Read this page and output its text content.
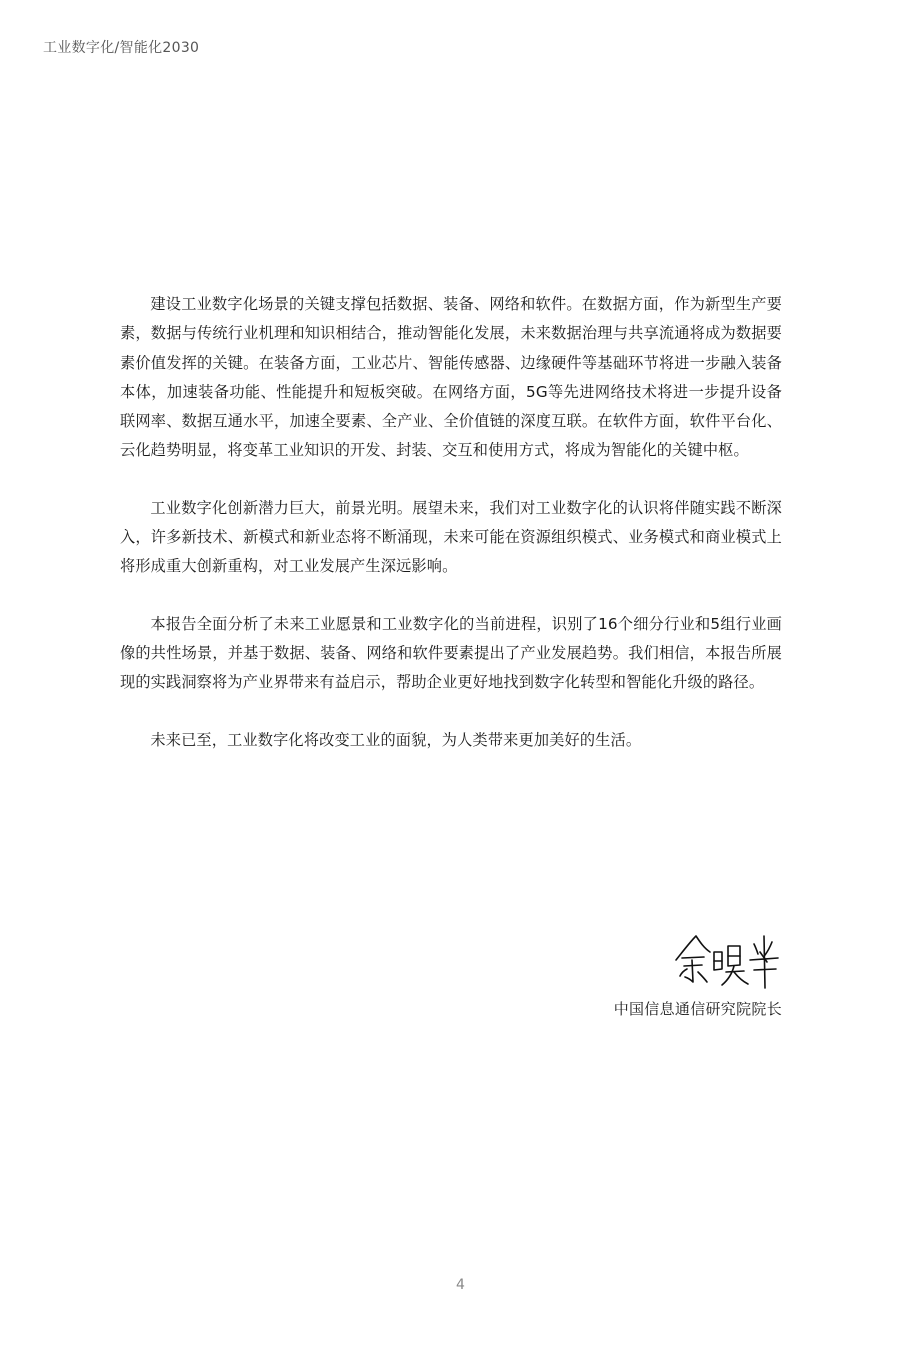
工业数字化/智能化2030

建设工业数字化场景的关键支撑包括数据、装备、网络和软件。在数据方面，作为新型生产要素，数据与传统行业机理和知识相结合，推动智能化发展，未来数据治理与共享流通将成为数据要素价值发挥的关键。在装备方面，工业芯片、智能传感器、边缘硬件等基础环节将进一步融入装备本体，加速装备功能、性能提升和短板突破。在网络方面，5G等先进网络技术将进一步提升设备联网率、数据互通水平，加速全要素、全产业、全价值链的深度互联。在软件方面，软件平台化、云化趋势明显，将变革工业知识的开发、封装、交互和使用方式，将成为智能化的关键中枢。

工业数字化创新潜力巨大，前景光明。展望未来，我们对工业数字化的认识将伴随实践不断深入，许多新技术、新模式和新业态将不断涌现，未来可能在资源组织模式、业务模式和商业模式上将形成重大创新重构，对工业发展产生深远影响。

本报告全面分析了未来工业愿景和工业数字化的当前进程，识别了16个细分行业和5组行业画像的共性场景，并基于数据、装备、网络和软件要素提出了产业发展趋势。我们相信，本报告所展现的实践洞察将为产业界带来有益启示，帮助企业更好地找到数字化转型和智能化升级的路径。

未来已至，工业数字化将改变工业的面貌，为人类带来更加美好的生活。

中国信息通信研究院院长
4
